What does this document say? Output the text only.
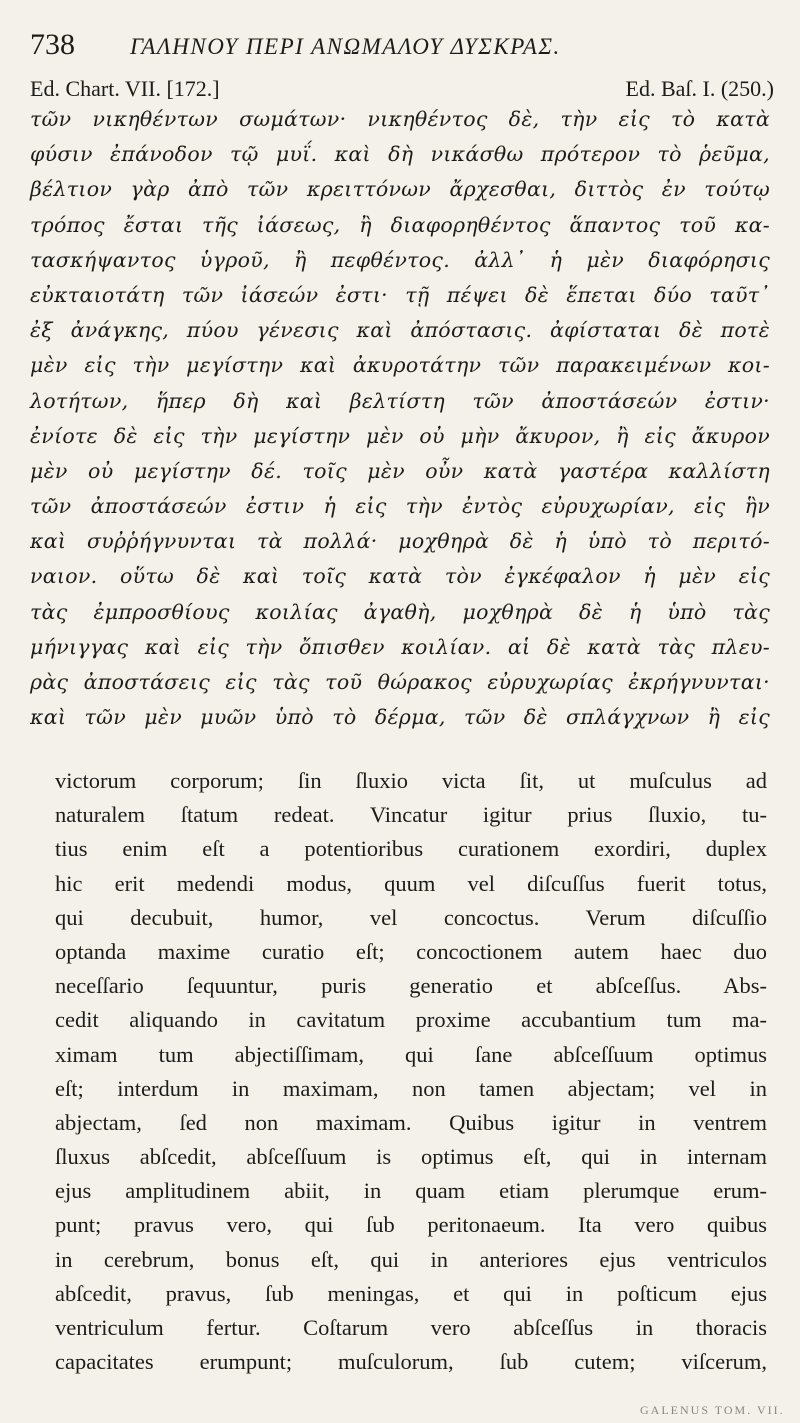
738 ΓΑΛΗΝΟΥ ΠΕΡΙ ΑΝΩΜΑΛΟΥ ΔΥΣΚΡΑΣ.
Ed. Chart. VII. [172.]	Ed. Baſ. I. (250.)
τῶν νικηθέντων σωμάτων· νικηθέντος δὲ, τὴν εἰς τὸ κατὰ
φύσιν ἐπάνοδον τῷ μυΐ. καὶ δὴ νικάσθω πρότερον τὸ ῥεῦμα,
βέλτιον γὰρ ἀπὸ τῶν κρειττόνων ἄρχεσθαι, διττὸς ἐν τούτῳ
τρόπος ἔσται τῆς ἰάσεως, ἢ διαφορηθέντος ἅπαντος τοῦ κα-
τασκήψαντος ὑγροῦ, ἢ πεφθέντος. ἀλλ᾽ ἡ μὲν διαφόρησις
εὐκταιοτάτη τῶν ἰάσεών ἐστι· τῇ πέψει δὲ ἕπεται δύο ταῦτ᾽
ἐξ ἀνάγκης, πύου γένεσις καὶ ἀπόστασις. ἀφίσταται δὲ ποτὲ
μὲν εἰς τὴν μεγίστην καὶ ἀκυροτάτην τῶν παρακειμένων κοι-
λοτήτων, ἥπερ δὴ καὶ βελτίστη τῶν ἀποστάσεών ἐστιν·
ἐνίοτε δὲ εἰς τὴν μεγίστην μὲν οὐ μὴν ἄκυρον, ἢ εἰς ἄκυρον
μὲν οὐ μεγίστην δέ. τοῖς μὲν οὖν κατὰ γαστέρα καλλίστη
τῶν ἀποστάσεών ἐστιν ἡ εἰς τὴν ἐντὸς εὐρυχωρίαν, εἰς ἣν
καὶ συῤῥήγνυνται τὰ πολλά· μοχθηρὰ δὲ ἡ ὑπὸ τὸ περιτό-
ναιον. οὕτω δὲ καὶ τοῖς κατὰ τὸν ἐγκέφαλον ἡ μὲν εἰς
τὰς ἐμπροσθίους κοιλίας ἀγαθὴ, μοχθηρὰ δὲ ἡ ὑπὸ τὰς
μήνιγγας καὶ εἰς τὴν ὄπισθεν κοιλίαν. αἱ δὲ κατὰ τὰς πλευ-
ρὰς ἀποστάσεις εἰς τὰς τοῦ θώρακος εὐρυχωρίας ἐκρήγνυνται·
καὶ τῶν μὲν μυῶν ὑπὸ τὸ δέρμα, τῶν δὲ σπλάγχνων ἢ εἰς
victorum corporum; ſin ſluxio victa ſit, ut muſculus ad
naturalem ſtatum redeat. Vincatur igitur prius ſluxio, tu-
tius enim eſt a potentioribus curationem exordiri, duplex
hic erit medendi modus, quum vel diſcuſſus fuerit totus,
qui decubuit, humor, vel concoctus. Verum diſcuſſio
optanda maxime curatio eſt; concoctionem autem haec duo
neceſſario ſequuntur, puris generatio et abſceſſus. Abs-
cedit aliquando in cavitatum proxime accubantium tum ma-
ximam tum abjectiſſimam, qui ſane abſceſſuum optimus
eſt; interdum in maximam, non tamen abjectam; vel in
abjectam, ſed non maximam. Quibus igitur in ventrem
ſluxus abſcedit, abſceſſuum is optimus eſt, qui in internam
ejus amplitudinem abiit, in quam etiam plerumque erum-
punt; pravus vero, qui ſub peritonaeum. Ita vero quibus
in cerebrum, bonus eſt, qui in anteriores ejus ventriculos
abſcedit, pravus, ſub meningas, et qui in poſticum ejus
ventriculum fertur. Coſtarum vero abſceſſus in thoracis
capacitates erumpunt; muſculorum, ſub cutem; viſcerum,
GALENUS TOM. VII.
